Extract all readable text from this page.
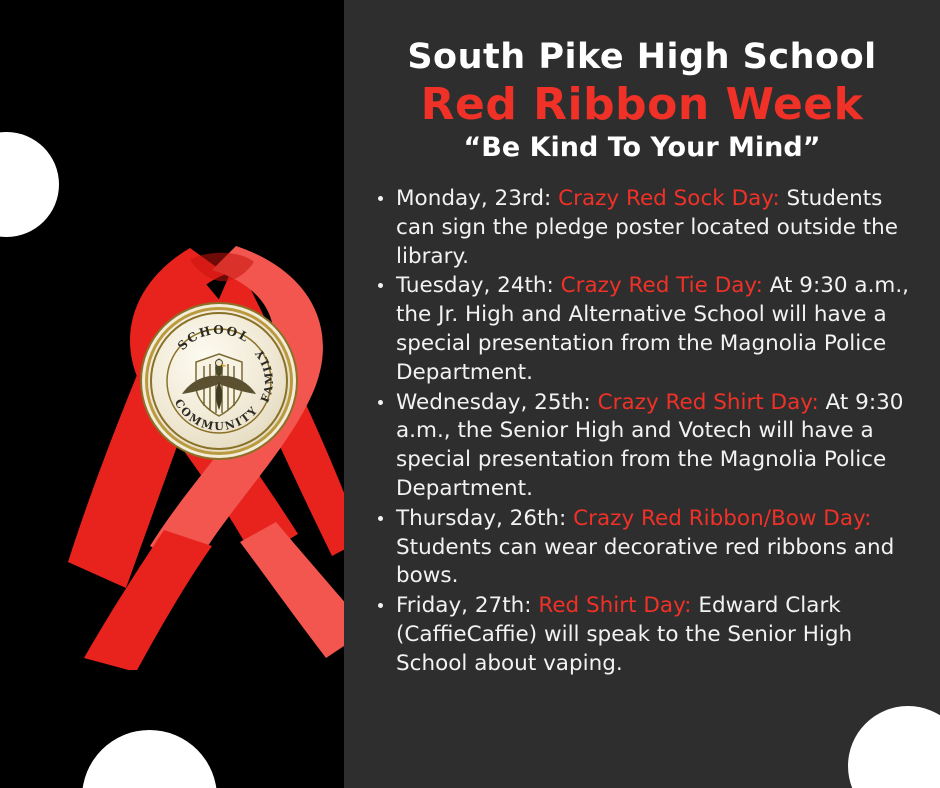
SCHOOL
COMMUNITY
FAMILY
South Pike High School
Red Ribbon Week
“Be Kind To Your Mind”
Monday, 23rd: Crazy Red Sock Day: Students can sign the pledge poster located outside the library.
Tuesday, 24th: Crazy Red Tie Day: At 9:30 a.m., the Jr. High and Alternative School will have a special presentation from the Magnolia Police Department.
Wednesday, 25th: Crazy Red Shirt Day: At 9:30 a.m., the Senior High and Votech will have a special presentation from the Magnolia Police Department.
Thursday, 26th: Crazy Red Ribbon/Bow Day: Students can wear decorative red ribbons and bows.
Friday, 27th: Red Shirt Day: Edward Clark (CaffieCaffie) will speak to the Senior High School about vaping.
